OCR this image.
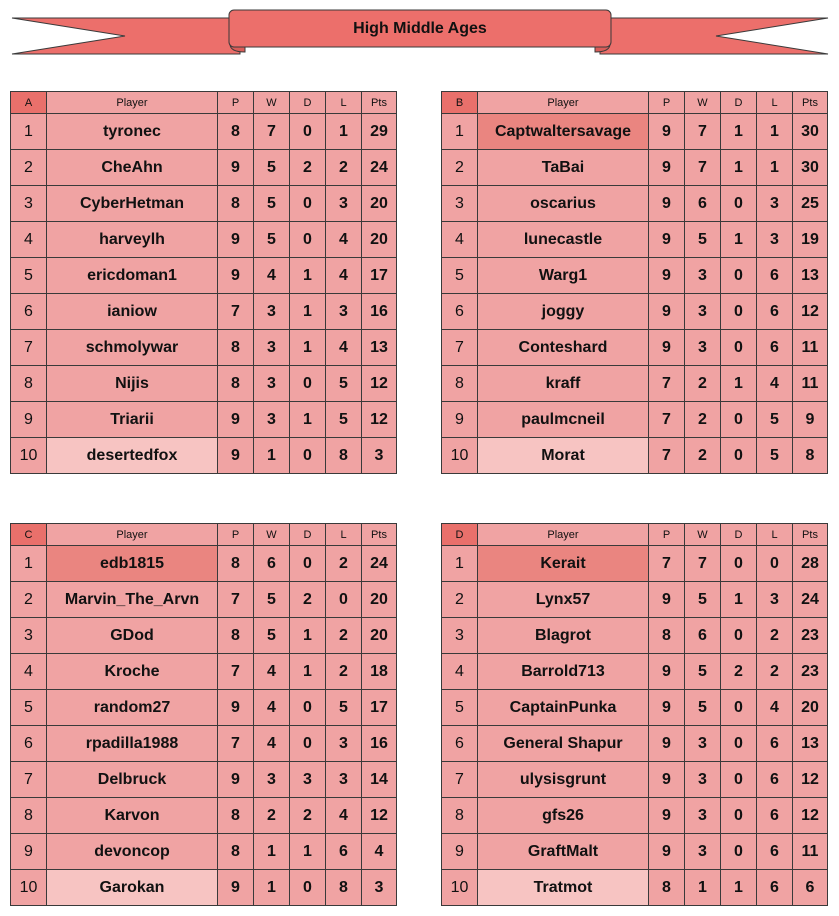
High Middle Ages
A	Player	P	W	D	L	Pts
1	tyronec	8	7	0	1	29
2	CheAhn	9	5	2	2	24
3	CyberHetman	8	5	0	3	20
4	harveylh	9	5	0	4	20
5	ericdoman1	9	4	1	4	17
6	ianiow	7	3	1	3	16
7	schmolywar	8	3	1	4	13
8	Nijis	8	3	0	5	12
9	Triarii	9	3	1	5	12
10	desertedfox	9	1	0	8	3
B	Player	P	W	D	L	Pts
1	Captwaltersavage	9	7	1	1	30
2	TaBai	9	7	1	1	30
3	oscarius	9	6	0	3	25
4	lunecastle	9	5	1	3	19
5	Warg1	9	3	0	6	13
6	joggy	9	3	0	6	12
7	Conteshard	9	3	0	6	11
8	kraff	7	2	1	4	11
9	paulmcneil	7	2	0	5	9
10	Morat	7	2	0	5	8
C	Player	P	W	D	L	Pts
1	edb1815	8	6	0	2	24
2	Marvin_The_Arvn	7	5	2	0	20
3	GDod	8	5	1	2	20
4	Kroche	7	4	1	2	18
5	random27	9	4	0	5	17
6	rpadilla1988	7	4	0	3	16
7	Delbruck	9	3	3	3	14
8	Karvon	8	2	2	4	12
9	devoncop	8	1	1	6	4
10	Garokan	9	1	0	8	3
D	Player	P	W	D	L	Pts
1	Kerait	7	7	0	0	28
2	Lynx57	9	5	1	3	24
3	Blagrot	8	6	0	2	23
4	Barrold713	9	5	2	2	23
5	CaptainPunka	9	5	0	4	20
6	General Shapur	9	3	0	6	13
7	ulysisgrunt	9	3	0	6	12
8	gfs26	9	3	0	6	12
9	GraftMalt	9	3	0	6	11
10	Tratmot	8	1	1	6	6
